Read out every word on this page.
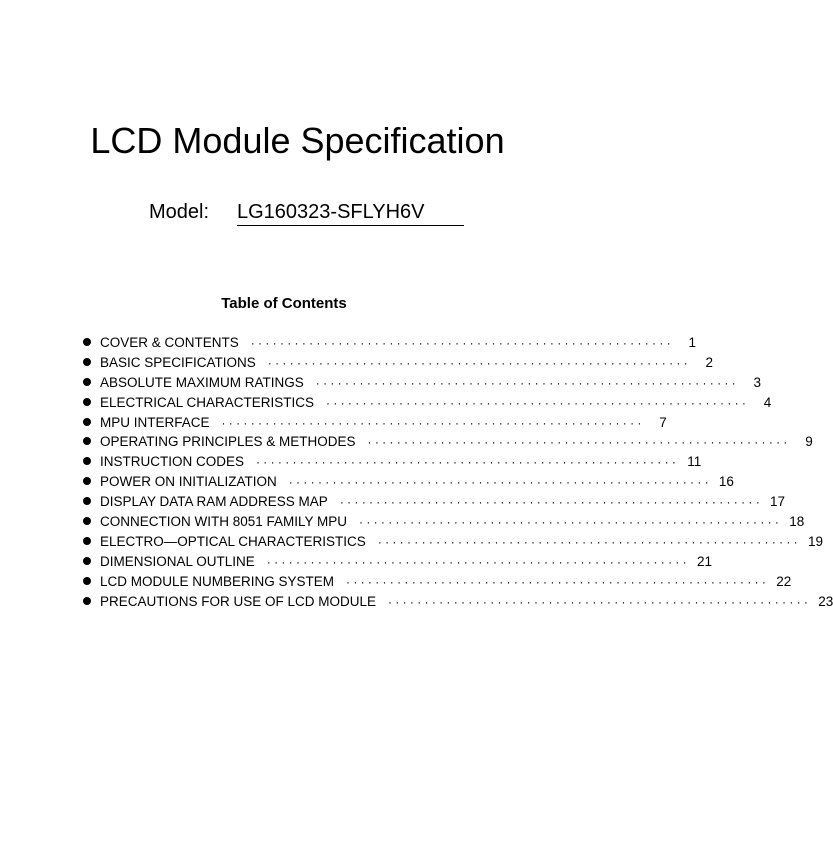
LCD Module Specification
Model: LG160323-SFLYH6V
Table of Contents
COVER & CONTENTS ··························································	1
BASIC SPECIFICATIONS ··························································	2
ABSOLUTE MAXIMUM RATINGS ··························································	3
ELECTRICAL CHARACTERISTICS ··························································	4
MPU INTERFACE ··························································	7
OPERATING PRINCIPLES & METHODES ··························································	9
INSTRUCTION CODES ·························································· 11
POWER ON INITIALIZATION ·························································· 16
DISPLAY DATA RAM ADDRESS MAP ·························································· 17
CONNECTION WITH 8051 FAMILY MPU ·························································· 18
ELECTRO—OPTICAL CHARACTERISTICS ·························································· 19
DIMENSIONAL OUTLINE ·························································· 21
LCD MODULE NUMBERING SYSTEM ·························································· 22
PRECAUTIONS FOR USE OF LCD MODULE ·························································· 23
